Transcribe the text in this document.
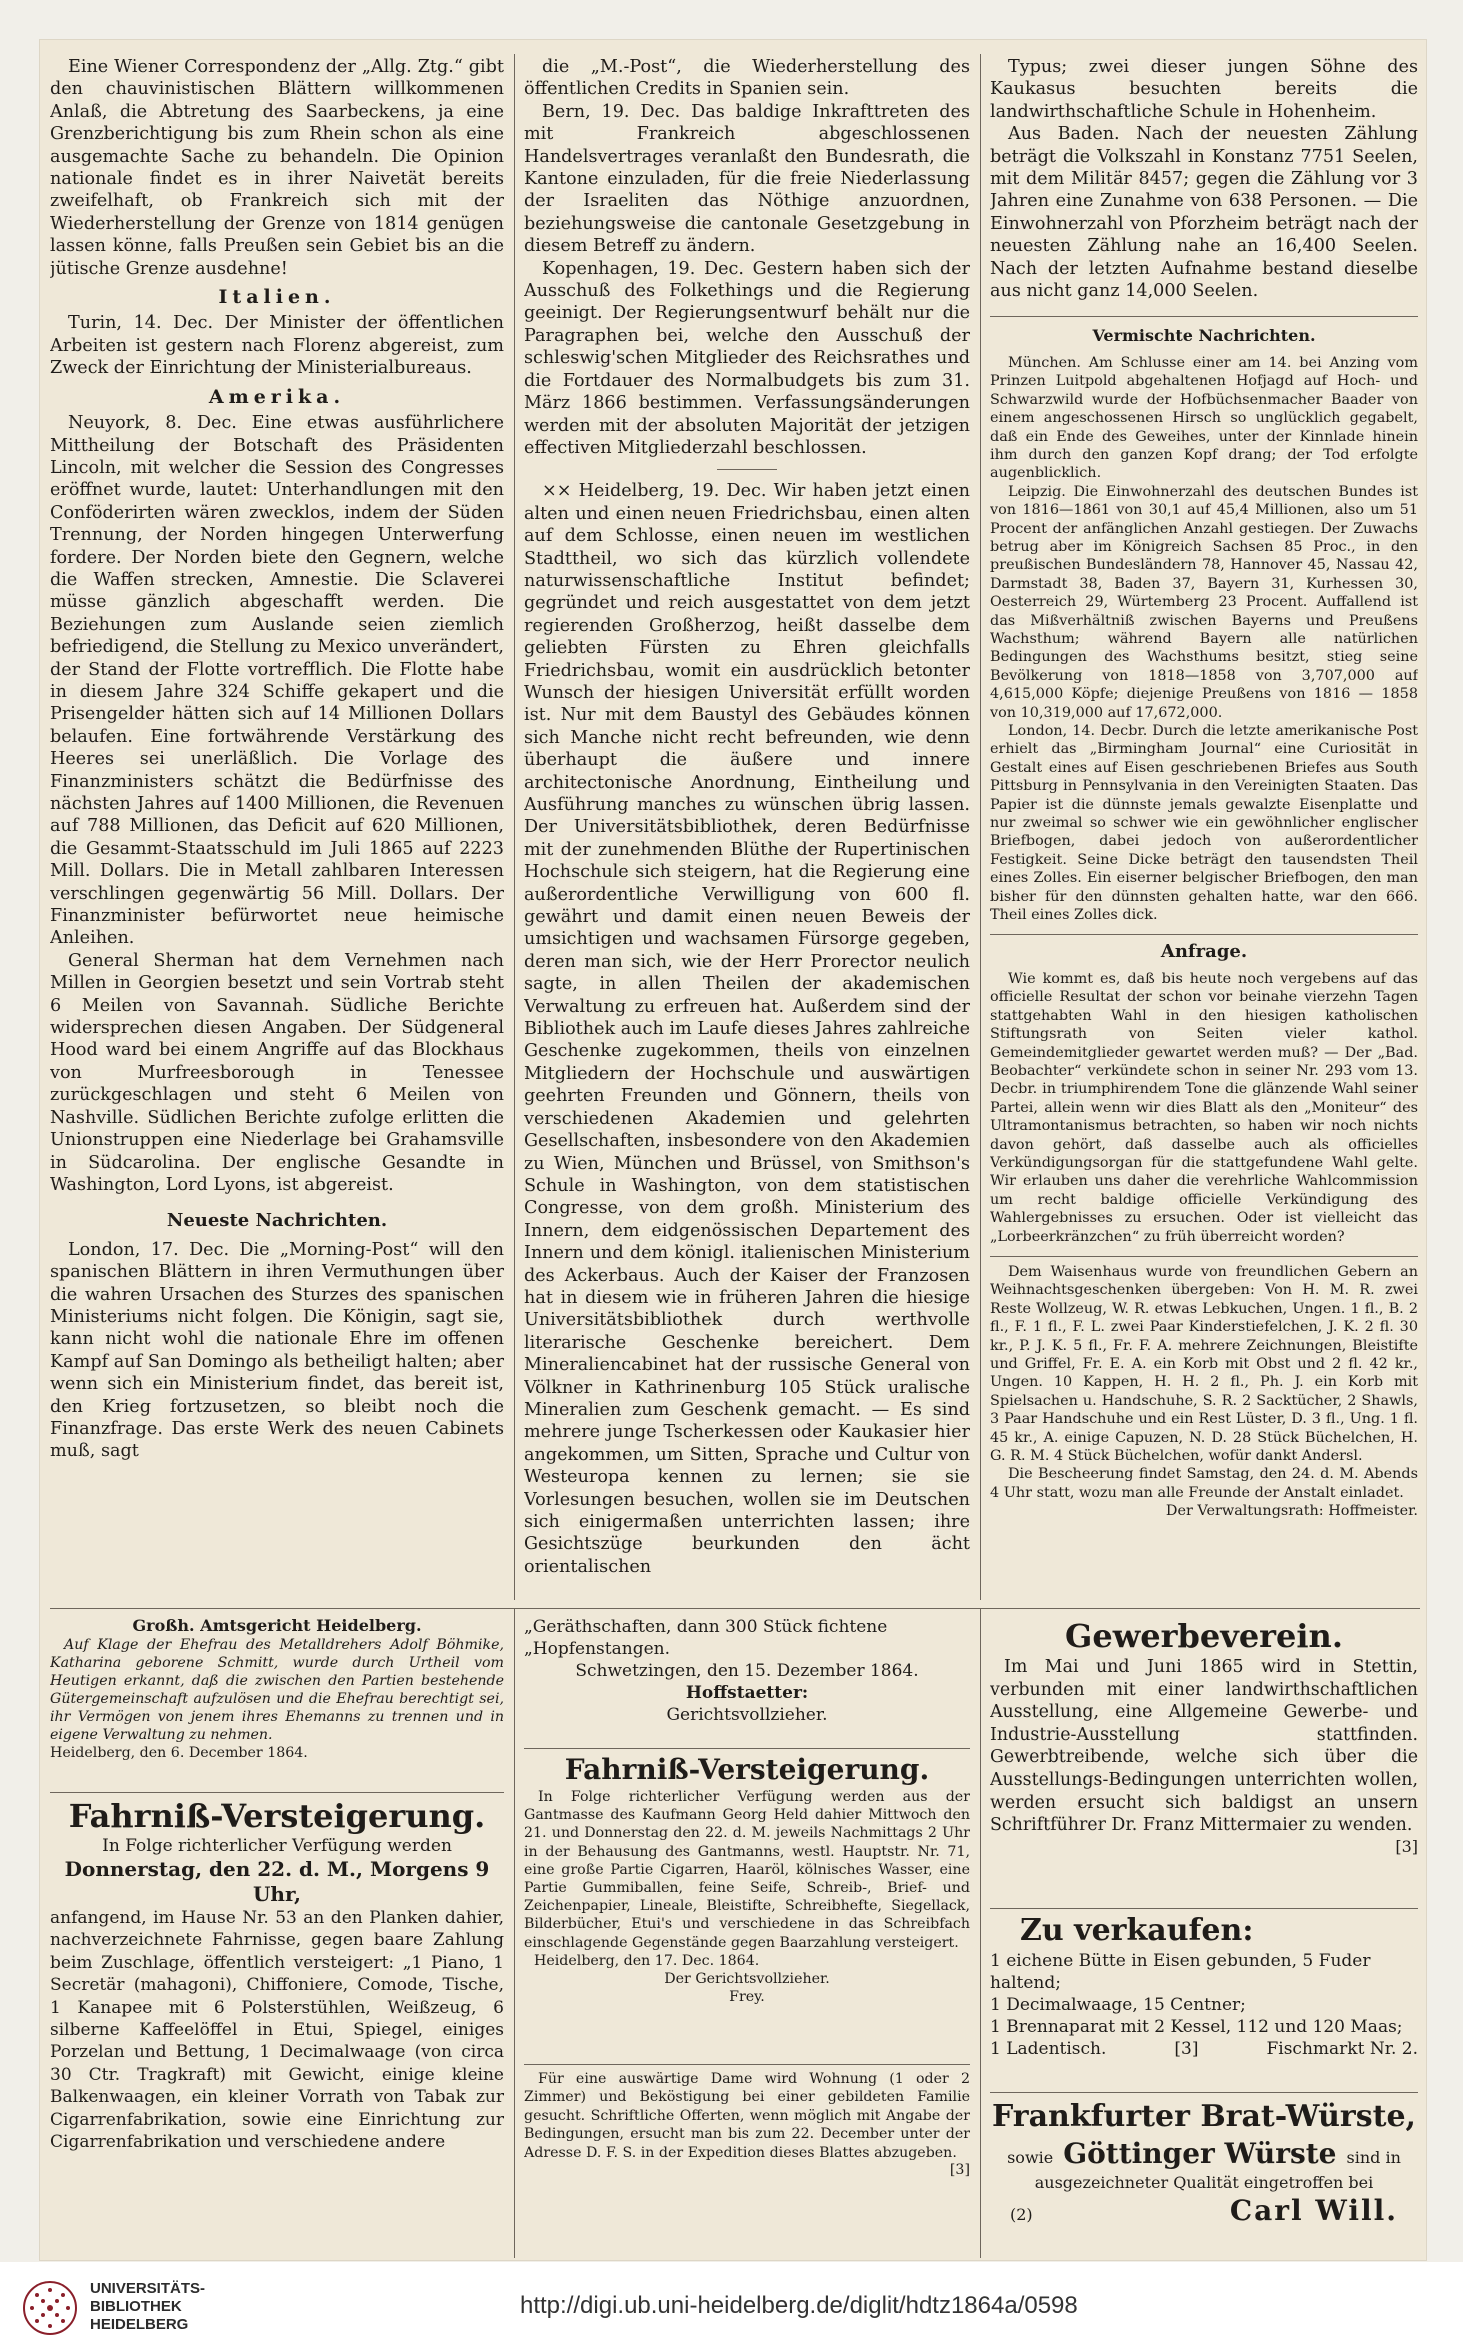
Eine Wiener Correspondenz der „Allg. Ztg.“ gibt den chauvinistischen Blättern willkommenen Anlaß, die Abtretung des Saarbeckens, ja eine Grenzberichtigung bis zum Rhein schon als eine ausgemachte Sache zu behandeln. Die Opinion nationale findet es in ihrer Naivetät bereits zweifelhaft, ob Frankreich sich mit der Wiederherstellung der Grenze von 1814 genügen lassen könne, falls Preußen sein Gebiet bis an die jütische Grenze ausdehne!

Italien.

Turin, 14. Dec. Der Minister der öffentlichen Arbeiten ist gestern nach Florenz abgereist, zum Zweck der Einrichtung der Ministerialbureaus.

Amerika.

Neuyork, 8. Dec. Eine etwas ausführlichere Mittheilung der Botschaft des Präsidenten Lincoln, mit welcher die Session des Congresses eröffnet wurde, lautet: Unterhandlungen mit den Conföderirten wären zwecklos, indem der Süden Trennung, der Norden hingegen Unterwerfung fordere. Der Norden biete den Gegnern, welche die Waffen strecken, Amnestie. Die Sclaverei müsse gänzlich abgeschafft werden. Die Beziehungen zum Auslande seien ziemlich befriedigend, die Stellung zu Mexico unverändert, der Stand der Flotte vortrefflich. Die Flotte habe in diesem Jahre 324 Schiffe gekapert und die Prisengelder hätten sich auf 14 Millionen Dollars belaufen. Eine fortwährende Verstärkung des Heeres sei unerläßlich. Die Vorlage des Finanzministers schätzt die Bedürfnisse des nächsten Jahres auf 1400 Millionen, die Revenuen auf 788 Millionen, das Deficit auf 620 Millionen, die Gesammt-Staatsschuld im Juli 1865 auf 2223 Mill. Dollars. Die in Metall zahlbaren Interessen verschlingen gegenwärtig 56 Mill. Dollars. Der Finanzminister befürwortet neue heimische Anleihen.

General Sherman hat dem Vernehmen nach Millen in Georgien besetzt und sein Vortrab steht 6 Meilen von Savannah. Südliche Berichte widersprechen diesen Angaben. Der Südgeneral Hood ward bei einem Angriffe auf das Blockhaus von Murfreesborough in Tenessee zurückgeschlagen und steht 6 Meilen von Nashville. Südlichen Berichte zufolge erlitten die Unionstruppen eine Niederlage bei Grahamsville in Südcarolina. Der englische Gesandte in Washington, Lord Lyons, ist abgereist.

Neueste Nachrichten.

London, 17. Dec. Die „Morning-Post“ will den spanischen Blättern in ihren Vermuthungen über die wahren Ursachen des Sturzes des spanischen Ministeriums nicht folgen. Die Königin, sagt sie, kann nicht wohl die nationale Ehre im offenen Kampf auf San Domingo als betheiligt halten; aber wenn sich ein Ministerium findet, das bereit ist, den Krieg fortzusetzen, so bleibt noch die Finanzfrage. Das erste Werk des neuen Cabinets muß, sagt

die „M.-Post“, die Wiederherstellung des öffentlichen Credits in Spanien sein.

Bern, 19. Dec. Das baldige Inkrafttreten des mit Frankreich abgeschlossenen Handelsvertrages veranlaßt den Bundesrath, die Kantone einzuladen, für die freie Niederlassung der Israeliten das Nöthige anzuordnen, beziehungsweise die cantonale Gesetzgebung in diesem Betreff zu ändern.

Kopenhagen, 19. Dec. Gestern haben sich der Ausschuß des Folkethings und die Regierung geeinigt. Der Regierungsentwurf behält nur die Paragraphen bei, welche den Ausschuß der schleswig'schen Mitglieder des Reichsrathes und die Fortdauer des Normalbudgets bis zum 31. März 1866 bestimmen. Verfassungsänderungen werden mit der absoluten Majorität der jetzigen effectiven Mitgliederzahl beschlossen.

×× Heidelberg, 19. Dec. Wir haben jetzt einen alten und einen neuen Friedrichsbau, einen alten auf dem Schlosse, einen neuen im westlichen Stadttheil, wo sich das kürzlich vollendete naturwissenschaftliche Institut befindet; gegründet und reich ausgestattet von dem jetzt regierenden Großherzog, heißt dasselbe dem geliebten Fürsten zu Ehren gleichfalls Friedrichsbau, womit ein ausdrücklich betonter Wunsch der hiesigen Universität erfüllt worden ist. Nur mit dem Baustyl des Gebäudes können sich Manche nicht recht befreunden, wie denn überhaupt die äußere und innere architectonische Anordnung, Eintheilung und Ausführung manches zu wünschen übrig lassen. Der Universitätsbibliothek, deren Bedürfnisse mit der zunehmenden Blüthe der Rupertinischen Hochschule sich steigern, hat die Regierung eine außerordentliche Verwilligung von 600 fl. gewährt und damit einen neuen Beweis der umsichtigen und wachsamen Fürsorge gegeben, deren man sich, wie der Herr Prorector neulich sagte, in allen Theilen der akademischen Verwaltung zu erfreuen hat. Außerdem sind der Bibliothek auch im Laufe dieses Jahres zahlreiche Geschenke zugekommen, theils von einzelnen Mitgliedern der Hochschule und auswärtigen geehrten Freunden und Gönnern, theils von verschiedenen Akademien und gelehrten Gesellschaften, insbesondere von den Akademien zu Wien, München und Brüssel, von Smithson's Schule in Washington, von dem statistischen Congresse, von dem großh. Ministerium des Innern, dem eidgenössischen Departement des Innern und dem königl. italienischen Ministerium des Ackerbaus. Auch der Kaiser der Franzosen hat in diesem wie in früheren Jahren die hiesige Universitätsbibliothek durch werthvolle literarische Geschenke bereichert. Dem Mineraliencabinet hat der russische General von Völkner in Kathrinenburg 105 Stück uralische Mineralien zum Geschenk gemacht. — Es sind mehrere junge Tscherkessen oder Kaukasier hier angekommen, um Sitten, Sprache und Cultur von Westeuropa kennen zu lernen; sie sie Vorlesungen besuchen, wollen sie im Deutschen sich einigermaßen unterrichten lassen; ihre Gesichtszüge beurkunden den ächt orientalischen

Typus; zwei dieser jungen Söhne des Kaukasus besuchten bereits die landwirthschaftliche Schule in Hohenheim.

Aus Baden. Nach der neuesten Zählung beträgt die Volkszahl in Konstanz 7751 Seelen, mit dem Militär 8457; gegen die Zählung vor 3 Jahren eine Zunahme von 638 Personen. — Die Einwohnerzahl von Pforzheim beträgt nach der neuesten Zählung nahe an 16,400 Seelen. Nach der letzten Aufnahme bestand dieselbe aus nicht ganz 14,000 Seelen.

Vermischte Nachrichten.

München. Am Schlusse einer am 14. bei Anzing vom Prinzen Luitpold abgehaltenen Hofjagd auf Hoch- und Schwarzwild wurde der Hofbüchsenmacher Baader von einem angeschossenen Hirsch so unglücklich gegabelt, daß ein Ende des Geweihes, unter der Kinnlade hinein ihm durch den ganzen Kopf drang; der Tod erfolgte augenblicklich.

Leipzig. Die Einwohnerzahl des deutschen Bundes ist von 1816—1861 von 30,1 auf 45,4 Millionen, also um 51 Procent der anfänglichen Anzahl gestiegen. Der Zuwachs betrug aber im Königreich Sachsen 85 Proc., in den preußischen Bundesländern 78, Hannover 45, Nassau 42, Darmstadt 38, Baden 37, Bayern 31, Kurhessen 30, Oesterreich 29, Würtemberg 23 Procent. Auffallend ist das Mißverhältniß zwischen Bayerns und Preußens Wachsthum; während Bayern alle natürlichen Bedingungen des Wachsthums besitzt, stieg seine Bevölkerung von 1818—1858 von 3,707,000 auf 4,615,000 Köpfe; diejenige Preußens von 1816 — 1858 von 10,319,000 auf 17,672,000.

London, 14. Decbr. Durch die letzte amerikanische Post erhielt das „Birmingham Journal“ eine Curiosität in Gestalt eines auf Eisen geschriebenen Briefes aus South Pittsburg in Pennsylvania in den Vereinigten Staaten. Das Papier ist die dünnste jemals gewalzte Eisenplatte und nur zweimal so schwer wie ein gewöhnlicher englischer Briefbogen, dabei jedoch von außerordentlicher Festigkeit. Seine Dicke beträgt den tausendsten Theil eines Zolles. Ein eiserner belgischer Briefbogen, den man bisher für den dünnsten gehalten hatte, war den 666. Theil eines Zolles dick.

Anfrage.

Wie kommt es, daß bis heute noch vergebens auf das officielle Resultat der schon vor beinahe vierzehn Tagen stattgehabten Wahl in den hiesigen katholischen Stiftungsrath von Seiten vieler kathol. Gemeindemitglieder gewartet werden muß? — Der „Bad. Beobachter“ verkündete schon in seiner Nr. 293 vom 13. Decbr. in triumphirendem Tone die glänzende Wahl seiner Partei, allein wenn wir dies Blatt als den „Moniteur“ des Ultramontanismus betrachten, so haben wir noch nichts davon gehört, daß dasselbe auch als officielles Verkündigungsorgan für die stattgefundene Wahl gelte. Wir erlauben uns daher die verehrliche Wahlcommission um recht baldige officielle Verkündigung des Wahlergebnisses zu ersuchen. Oder ist vielleicht das „Lorbeerkränzchen“ zu früh überreicht worden?

Dem Waisenhaus wurde von freundlichen Gebern an Weihnachtsgeschenken übergeben: Von H. M. R. zwei Reste Wollzeug, W. R. etwas Lebkuchen, Ungen. 1 fl., B. 2 fl., F. 1 fl., F. L. zwei Paar Kinderstiefelchen, J. K. 2 fl. 30 kr., P. J. K. 5 fl., Fr. F. A. mehrere Zeichnungen, Bleistifte und Griffel, Fr. E. A. ein Korb mit Obst und 2 fl. 42 kr., Ungen. 10 Kappen, H. H. 2 fl., Ph. J. ein Korb mit Spielsachen u. Handschuhe, S. R. 2 Sacktücher, 2 Shawls, 3 Paar Handschuhe und ein Rest Lüster, D. 3 fl., Ung. 1 fl. 45 kr., A. einige Capuzen, N. D. 28 Stück Büchelchen, H. G. R. M. 4 Stück Büchelchen, wofür dankt Andersl.

Die Bescheerung findet Samstag, den 24. d. M. Abends 4 Uhr statt, wozu man alle Freunde der Anstalt einladet.

Der Verwaltungsrath: Hoffmeister.

Großh. Amtsgericht Heidelberg.
Auf Klage der Ehefrau des Metalldrehers Adolf Böhmike, Katharina geborene Schmitt, wurde durch Urtheil vom Heutigen erkannt, daß die zwischen den Partien bestehende Gütergemeinschaft aufzulösen und die Ehefrau berechtigt sei, ihr Vermögen von jenem ihres Ehemanns zu trennen und in eigene Verwaltung zu nehmen.
Heidelberg, den 6. December 1864.
Fahrniß-Versteigerung.
In Folge richterlicher Verfügung werden
Donnerstag, den 22. d. M., Morgens 9 Uhr,
anfangend, im Hause Nr. 53 an den Planken dahier, nachverzeichnete Fahrnisse, gegen baare Zahlung beim Zuschlage, öffentlich versteigert: „1 Piano, 1 Secretär (mahagoni), Chiffoniere, Comode, Tische, 1 Kanapee mit 6 Polsterstühlen, Weißzeug, 6 silberne Kaffeelöffel in Etui, Spiegel, einiges Porzelan und Bettung, 1 Decimalwaage (von circa 30 Ctr. Tragkraft) mit Gewicht, einige kleine Balkenwaagen, ein kleiner Vorrath von Tabak zur Cigarrenfabrikation, sowie eine Einrichtung zur Cigarrenfabrikation und verschiedene andere
„Geräthschaften, dann 300 Stück fichtene „Hopfenstangen.
Schwetzingen, den 15. Dezember 1864.
Hoffstaetter:
Gerichtsvollzieher.
Fahrniß-Versteigerung.
In Folge richterlicher Verfügung werden aus der Gantmasse des Kaufmann Georg Held dahier Mittwoch den 21. und Donnerstag den 22. d. M. jeweils Nachmittags 2 Uhr in der Behausung des Gantmanns, westl. Hauptstr. Nr. 71, eine große Partie Cigarren, Haaröl, kölnisches Wasser, eine Partie Gummiballen, feine Seife, Schreib-, Brief- und Zeichenpapier, Lineale, Bleistifte, Schreibhefte, Siegellack, Bilderbücher, Etui's und verschiedene in das Schreibfach einschlagende Gegenstände gegen Baarzahlung versteigert.
Heidelberg, den 17. Dec. 1864.
Der Gerichtsvollzieher.
Frey.
Für eine auswärtige Dame wird Wohnung (1 oder 2 Zimmer) und Beköstigung bei einer gebildeten Familie gesucht. Schriftliche Offerten, wenn möglich mit Angabe der Bedingungen, ersucht man bis zum 22. December unter der Adresse D. F. S. in der Expedition dieses Blattes abzugeben.
[3]
Gewerbeverein.
Im Mai und Juni 1865 wird in Stettin, verbunden mit einer landwirthschaftlichen Ausstellung, eine Allgemeine Gewerbe- und Industrie-Ausstellung stattfinden. Gewerbtreibende, welche sich über die Ausstellungs-Bedingungen unterrichten wollen, werden ersucht sich baldigst an unsern Schriftführer Dr. Franz Mittermaier zu wenden.
[3]
Zu verkaufen:
1 eichene Bütte in Eisen gebunden, 5 Fuder haltend;
1 Decimalwaage, 15 Centner;
1 Brennaparat mit 2 Kessel, 112 und 120 Maas;
1 Ladentisch.	[3]	Fischmarkt Nr. 2.
Frankfurter Brat-Würste,
sowie Göttinger Würste sind in
ausgezeichneter Qualität eingetroffen bei
(2)	Carl Will.
UNIVERSITÄTS-
BIBLIOTHEK
HEIDELBERG
http://digi.ub.uni-heidelberg.de/diglit/hdtz1864a/0598
